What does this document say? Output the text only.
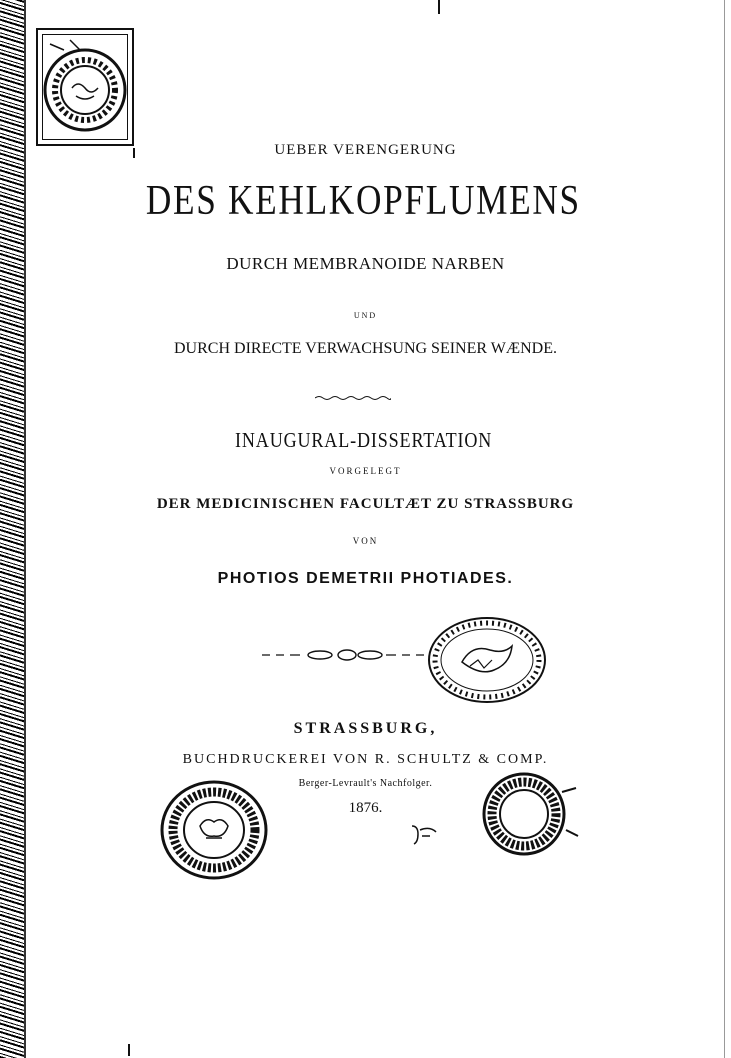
UEBER VERENGERUNG
DES KEHLKOPFLUMENS
DURCH MEMBRANOIDE NARBEN
UND
DURCH DIRECTE VERWACHSUNG SEINER WÆNDE.
INAUGURAL-DISSERTATION
VORGELEGT
DER MEDICINISCHEN FACULTÆT ZU STRASSBURG
VON
PHOTIOS DEMETRII PHOTIADES.
STRASSBURG,
BUCHDRUCKEREI VON R. SCHULTZ & COMP.
Berger-Levrault's Nachfolger.
1876.
